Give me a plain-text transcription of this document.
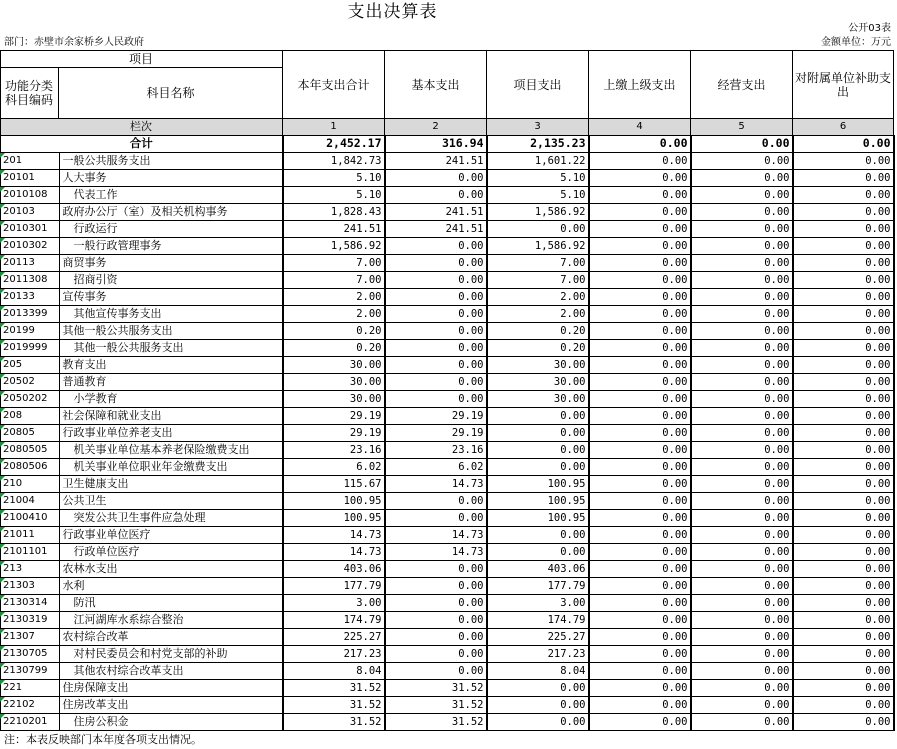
支出决算表
公开03表
部门：赤壁市余家桥乡人民政府	金额单位：万元
项目
功能分类
科目编码	科目名称
本年支出合计	基本支出	项目支出	上缴上级支出	经营支出	对附属单位补助支出
栏次	1	2	3	4	5	6
合计		2,452.17	316.94	2,135.23	0.00	0.00	0.00

201	一般公共服务支出	1,842.73	241.51	1,601.22	0.00	0.00	0.00

20101	人大事务	5.10	0.00	5.10	0.00	0.00	0.00

2010108	代表工作	5.10	0.00	5.10	0.00	0.00	0.00

20103	政府办公厅（室）及相关机构事务	1,828.43	241.51	1,586.92	0.00	0.00	0.00

2010301	行政运行	241.51	241.51	0.00	0.00	0.00	0.00

2010302	一般行政管理事务	1,586.92	0.00	1,586.92	0.00	0.00	0.00

20113	商贸事务	7.00	0.00	7.00	0.00	0.00	0.00

2011308	招商引资	7.00	0.00	7.00	0.00	0.00	0.00

20133	宣传事务	2.00	0.00	2.00	0.00	0.00	0.00

2013399	其他宣传事务支出	2.00	0.00	2.00	0.00	0.00	0.00

20199	其他一般公共服务支出	0.20	0.00	0.20	0.00	0.00	0.00

2019999	其他一般公共服务支出	0.20	0.00	0.20	0.00	0.00	0.00

205	教育支出	30.00	0.00	30.00	0.00	0.00	0.00

20502	普通教育	30.00	0.00	30.00	0.00	0.00	0.00

2050202	小学教育	30.00	0.00	30.00	0.00	0.00	0.00

208	社会保障和就业支出	29.19	29.19	0.00	0.00	0.00	0.00

20805	行政事业单位养老支出	29.19	29.19	0.00	0.00	0.00	0.00

2080505	机关事业单位基本养老保险缴费支出	23.16	23.16	0.00	0.00	0.00	0.00

2080506	机关事业单位职业年金缴费支出	6.02	6.02	0.00	0.00	0.00	0.00

210	卫生健康支出	115.67	14.73	100.95	0.00	0.00	0.00

21004	公共卫生	100.95	0.00	100.95	0.00	0.00	0.00

2100410	突发公共卫生事件应急处理	100.95	0.00	100.95	0.00	0.00	0.00

21011	行政事业单位医疗	14.73	14.73	0.00	0.00	0.00	0.00

2101101	行政单位医疗	14.73	14.73	0.00	0.00	0.00	0.00

213	农林水支出	403.06	0.00	403.06	0.00	0.00	0.00

21303	水利	177.79	0.00	177.79	0.00	0.00	0.00

2130314	防汛	3.00	0.00	3.00	0.00	0.00	0.00

2130319	江河湖库水系综合整治	174.79	0.00	174.79	0.00	0.00	0.00

21307	农村综合改革	225.27	0.00	225.27	0.00	0.00	0.00

2130705	对村民委员会和村党支部的补助	217.23	0.00	217.23	0.00	0.00	0.00

2130799	其他农村综合改革支出	8.04	0.00	8.04	0.00	0.00	0.00

221	住房保障支出	31.52	31.52	0.00	0.00	0.00	0.00

22102	住房改革支出	31.52	31.52	0.00	0.00	0.00	0.00

2210201	住房公积金	31.52	31.52	0.00	0.00	0.00	0.00
注：本表反映部门本年度各项支出情况。
